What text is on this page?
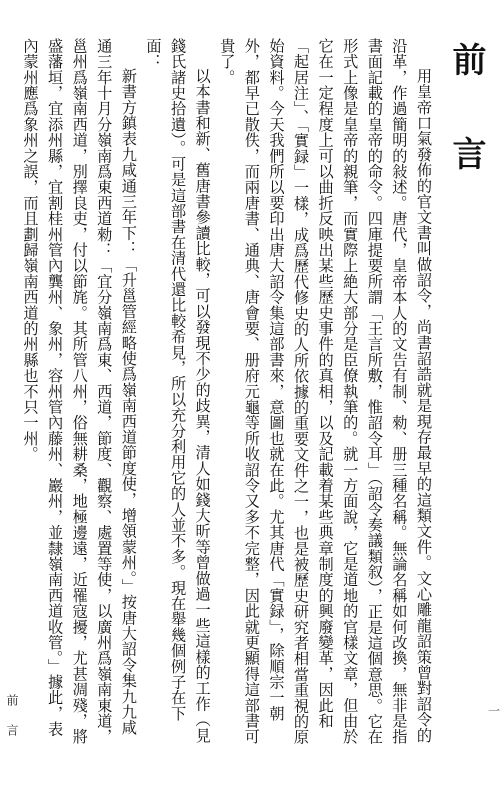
前言

用皇帝口氣發佈的官文書叫做詔令，尚書詔誥就是現存最早的這類文件。文心雕龍詔策曾對詔令的沿革，作過簡明的敍述。唐代，皇帝本人的文告有制、勑、册三種名稱。無論名稱如何改換，無非是指書面記載的皇帝的命令。四庫提要所謂「王言所敷，惟詔令耳」（詔令奏議類叙），正是這個意思。它在形式上像是皇帝的親筆，而實際上絶大部分是臣僚執筆的。就一方面說，它是道地的官樣文章，但由於它在一定程度上可以曲折反映出某些歷史事件的真相，以及記載着某些典章制度的興廢變革，因此和「起居注」、「實録」一樣，成爲歷代修史的人所依據的重要文件之一，也是被歷史研究者相當重視的原始資料。今天我們所以要印出唐大詔令集這部書來，意圖也就在此。尤其唐代「實録」，除順宗一朝外，都早已散佚，而兩唐書、通典、唐會要、册府元龜等所收詔令又多不完整，因此就更顯得這部書可貴了。

以本書和新、舊唐書參讀比較，可以發現不少的歧異，清人如錢大昕等曾做過一些這樣的工作（見錢氏諸史拾遺）。可是這部書在清代還比較希見，所以充分利用它的人並不多。現在舉幾個例子在下面：

新書方鎮表九咸通三年下：「升邕管經略使爲嶺南西道節度使，增領蒙州。」按唐大詔令集九九咸通三年十月分嶺南爲東西道勑：「宜分嶺南爲東、西道，節度、觀察、處置等使，以廣州爲嶺南東道，邕州爲嶺南西道，別擇良吏，付以節旄。其所管八州，俗無耕桑，地極邊遠，近罹寇擾，尤甚凋殘，將盛藩垣，宜添州縣，宜割桂州管內龔州、象州，容州管內藤州、巖州，並隸嶺南西道收管。」據此，表內蒙州應爲象州之誤，而且劃歸嶺南西道的州縣也不只一州。

前言	一
